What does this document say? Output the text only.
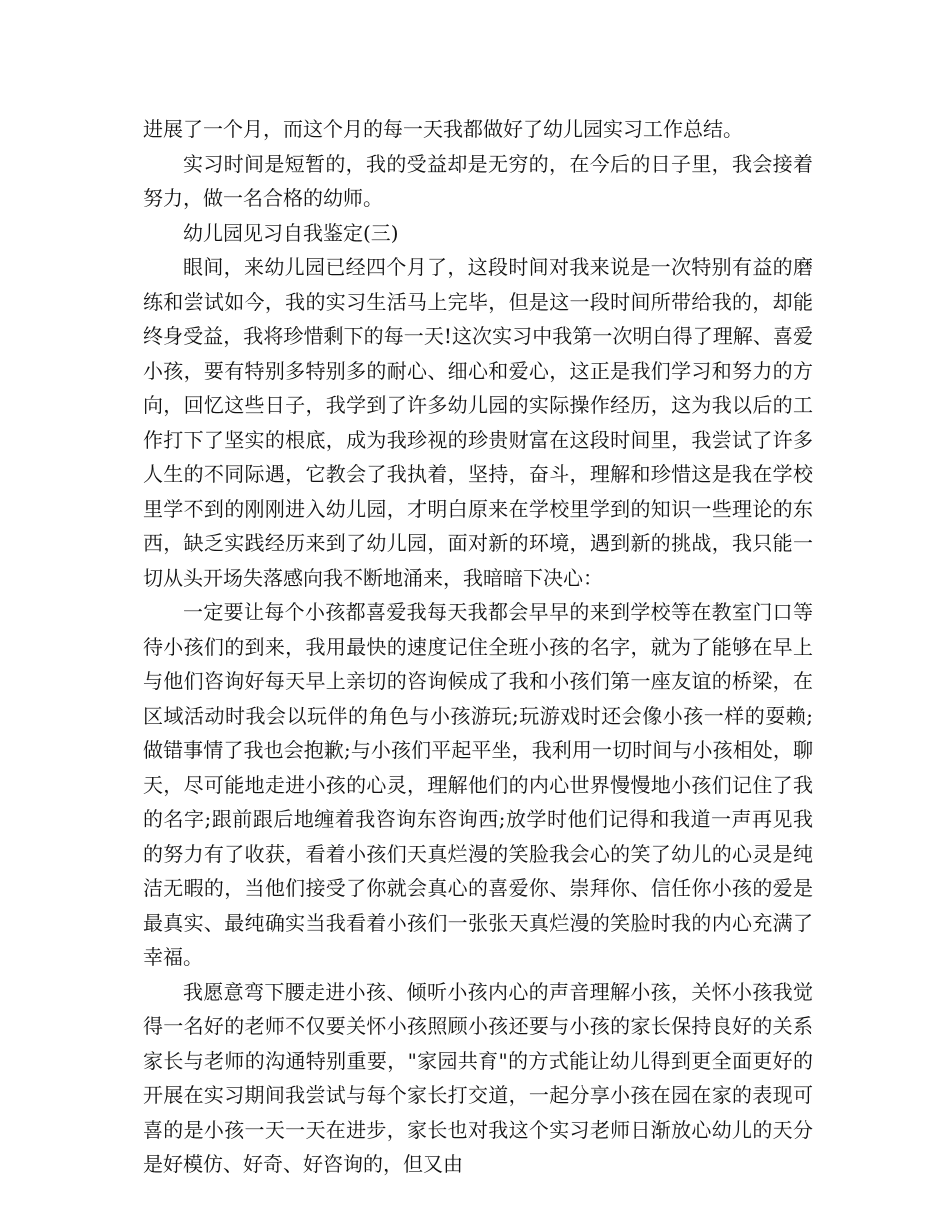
进展了一个月，而这个月的每一天我都做好了幼儿园实习工作总结。

实习时间是短暂的，我的受益却是无穷的，在今后的日子里，我会接着努力，做一名合格的幼师。

幼儿园见习自我鉴定(三)

眼间，来幼儿园已经四个月了，这段时间对我来说是一次特别有益的磨练和尝试如今，我的实习生活马上完毕，但是这一段时间所带给我的，却能终身受益，我将珍惜剩下的每一天!这次实习中我第一次明白得了理解、喜爱小孩，要有特别多特别多的耐心、细心和爱心，这正是我们学习和努力的方向，回忆这些日子，我学到了许多幼儿园的实际操作经历，这为我以后的工作打下了坚实的根底，成为我珍视的珍贵财富在这段时间里，我尝试了许多人生的不同际遇，它教会了我执着，坚持，奋斗，理解和珍惜这是我在学校里学不到的刚刚进入幼儿园，才明白原来在学校里学到的知识一些理论的东西，缺乏实践经历来到了幼儿园，面对新的环境，遇到新的挑战，我只能一切从头开场失落感向我不断地涌来，我暗暗下决心：

一定要让每个小孩都喜爱我每天我都会早早的来到学校等在教室门口等待小孩们的到来，我用最快的速度记住全班小孩的名字，就为了能够在早上与他们咨询好每天早上亲切的咨询候成了我和小孩们第一座友谊的桥梁，在区域活动时我会以玩伴的角色与小孩游玩;玩游戏时还会像小孩一样的耍赖;做错事情了我也会抱歉;与小孩们平起平坐，我利用一切时间与小孩相处，聊天，尽可能地走进小孩的心灵，理解他们的内心世界慢慢地小孩们记住了我的名字;跟前跟后地缠着我咨询东咨询西;放学时他们记得和我道一声再见我的努力有了收获，看着小孩们天真烂漫的笑脸我会心的笑了幼儿的心灵是纯洁无暇的，当他们接受了你就会真心的喜爱你、崇拜你、信任你小孩的爱是最真实、最纯确实当我看着小孩们一张张天真烂漫的笑脸时我的内心充满了幸福。

我愿意弯下腰走进小孩、倾听小孩内心的声音理解小孩，关怀小孩我觉得一名好的老师不仅要关怀小孩照顾小孩还要与小孩的家长保持良好的关系家长与老师的沟通特别重要，"家园共育"的方式能让幼儿得到更全面更好的开展在实习期间我尝试与每个家长打交道，一起分享小孩在园在家的表现可喜的是小孩一天一天在进步，家长也对我这个实习老师日渐放心幼儿的天分是好模仿、好奇、好咨询的，但又由
